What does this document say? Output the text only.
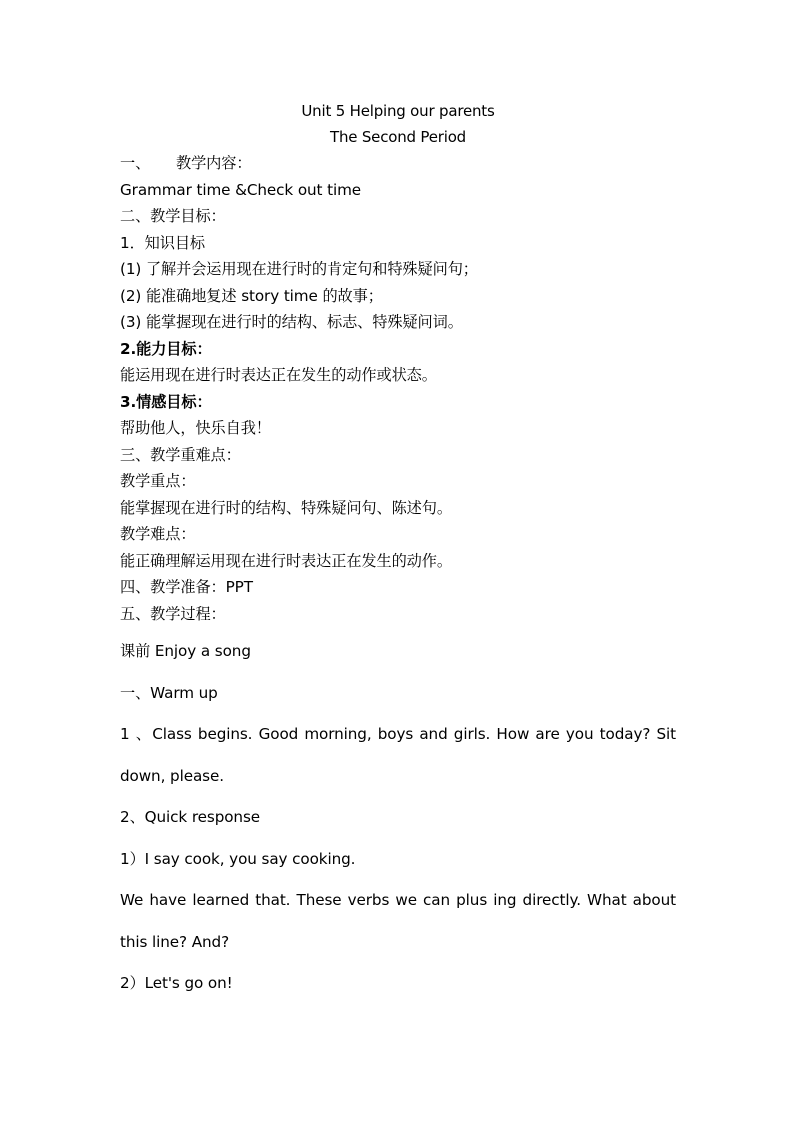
Unit 5 Helping our parents
The Second Period
一、 教学内容：
Grammar time &Check out time
二、教学目标：
1．知识目标
(1) 了解并会运用现在进行时的肯定句和特殊疑问句；
(2) 能准确地复述 story time 的故事；
(3) 能掌握现在进行时的结构、标志、特殊疑问词。
2.能力目标：
能运用现在进行时表达正在发生的动作或状态。
3.情感目标：
帮助他人，快乐自我！
三、教学重难点：
教学重点：
能掌握现在进行时的结构、特殊疑问句、陈述句。
教学难点：
能正确理解运用现在进行时表达正在发生的动作。
四、教学准备：PPT
五、教学过程：
课前 Enjoy a song
一、Warm up
1 、Class begins. Good morning, boys and girls. How are you today? Sit down, please.
2、Quick response
1）I say cook, you say cooking.
We have learned that. These verbs we can plus ing directly. What about this line? And?
2）Let's go on!
